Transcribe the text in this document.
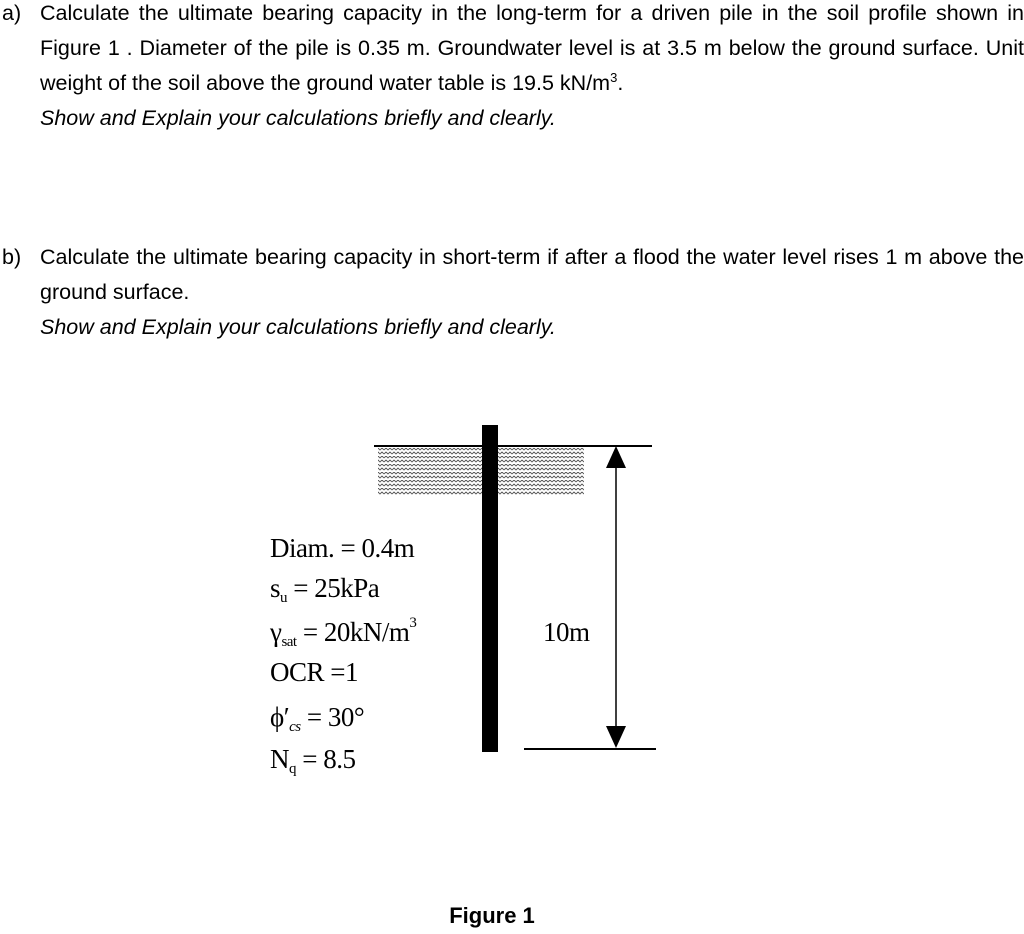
a) Calculate the ultimate bearing capacity in the long-term for a driven pile in the soil profile shown in Figure 1 . Diameter of the pile is 0.35 m. Groundwater level is at 3.5 m below the ground surface. Unit weight of the soil above the ground water table is 19.5 $kN/m^3$.

Show and Explain your calculations briefly and clearly.

b) Calculate the ultimate bearing capacity in short-term if after a flood the water level rises 1 m above the ground surface.

Show and Explain your calculations briefly and clearly.

10m
Diam. = 0.4m
su = 25kPa
$\gamma sat = 20kN/m^3$
OCR =1
ϕ′cs = 30°
Nq = 8.5
Figure 1
